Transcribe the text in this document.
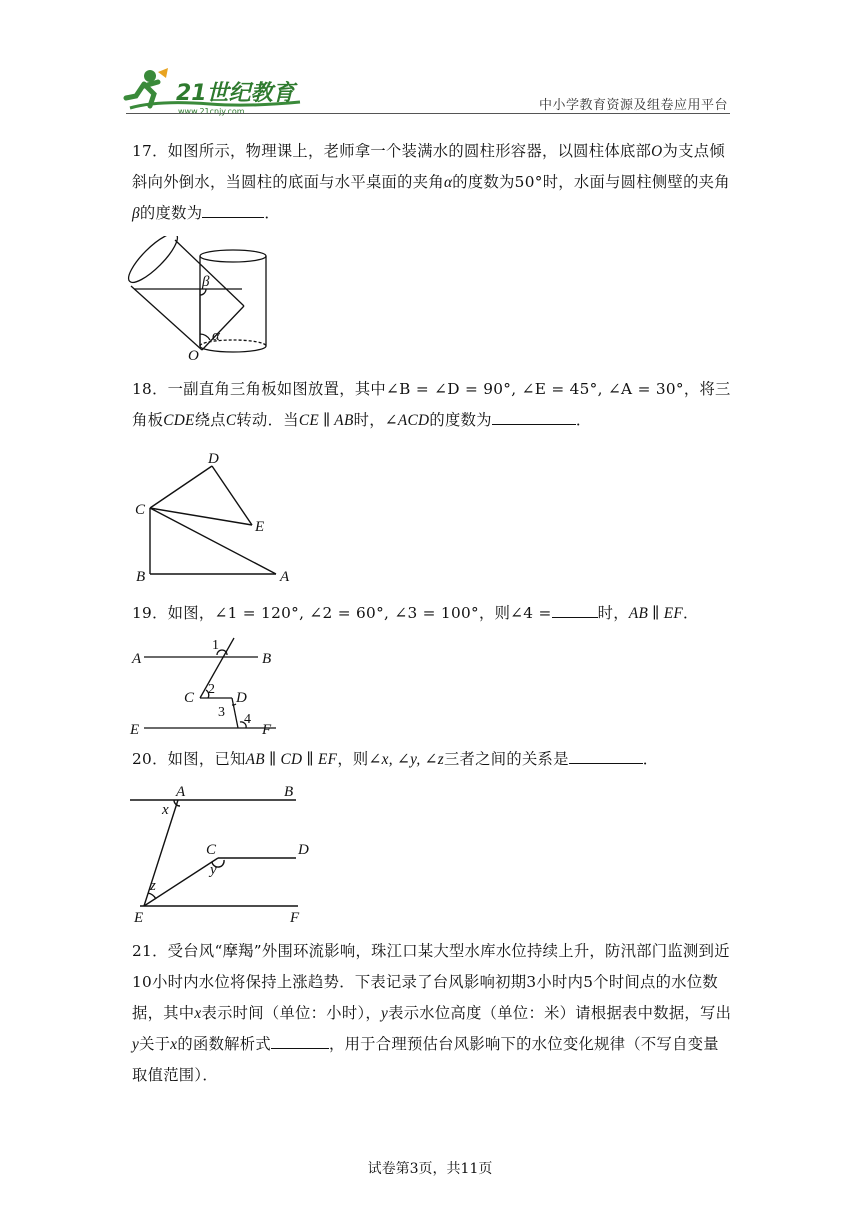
21世纪教育
www.21cnjy.com	中小学教育资源及组卷应用平台
17．如图所示，物理课上，老师拿一个装满水的圆柱形容器，以圆柱体底部O为支点倾斜向外倒水，当圆柱的底面与水平桌面的夹角α的度数为50°时，水面与圆柱侧壁的夹角β的度数为	．
β
α
O
18．一副直角三角板如图放置，其中∠B = ∠D = 90°, ∠E = 45°, ∠A = 30°，将三角板CDE绕点C转动．当CE ∥ AB时，∠ACD的度数为	．
D
C
E
B	A
19．如图，∠1 = 120°, ∠2 = 60°, ∠3 = 100°，则∠4 =	时，AB ∥ EF．
A	B
C	D
E	F
1
2
3 4
20．如图，已知AB ∥ CD ∥ EF，则∠x, ∠y, ∠z三者之间的关系是	．
A	B
x
C	D
y
z
E	F
21．受台风“摩羯”外围环流影响，珠江口某大型水库水位持续上升，防汛部门监测到近10小时内水位将保持上涨趋势．下表记录了台风影响初期3小时内5个时间点的水位数据，其中x表示时间（单位：小时），y表示水位高度（单位：米）请根据表中数据，写出y关于x的函数解析式	，用于合理预估台风影响下的水位变化规律（不写自变量取值范围）．
试卷第3页，共11页
